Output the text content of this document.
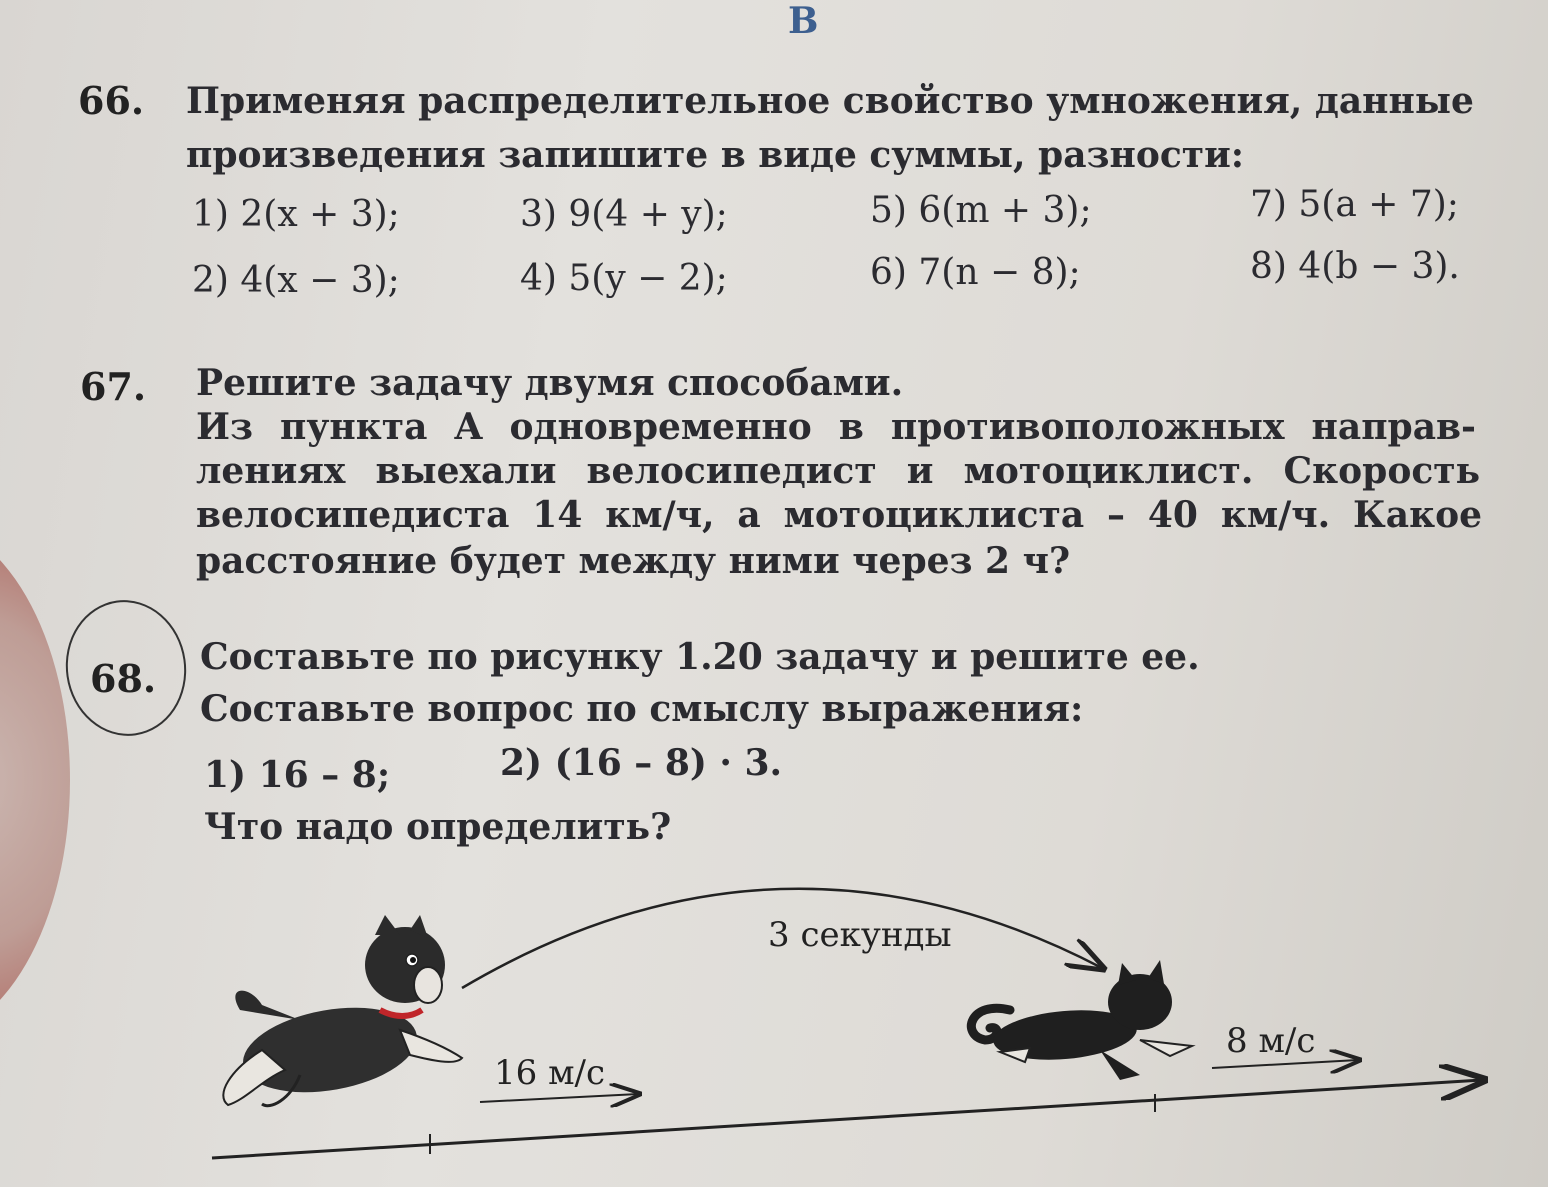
В
66. Применяя распределительное свойство умножения, данные
произведения запишите в виде суммы, разности:
1) 2(x + 3);	3) 9(4 + y);	5) 6(m + 3);	7) 5(a + 7);
2) 4(x − 3);	4) 5(y − 2);	6) 7(n − 8);	8) 4(b − 3).
67. Решите задачу двумя способами.
Из пункта A одновременно в противоположных направ-
лениях выехали велосипедист и мотоциклист. Скорость
велосипедиста 14 км/ч, а мотоциклиста – 40 км/ч. Какое
расстояние будет между ними через 2 ч?
68. Составьте по рисунку 1.20 задачу и решите ее.
Составьте вопрос по смыслу выражения:
1) 16 – 8;	2) (16 – 8) · 3.
Что надо определить?
3 секунды
16 м/с
8 м/с
